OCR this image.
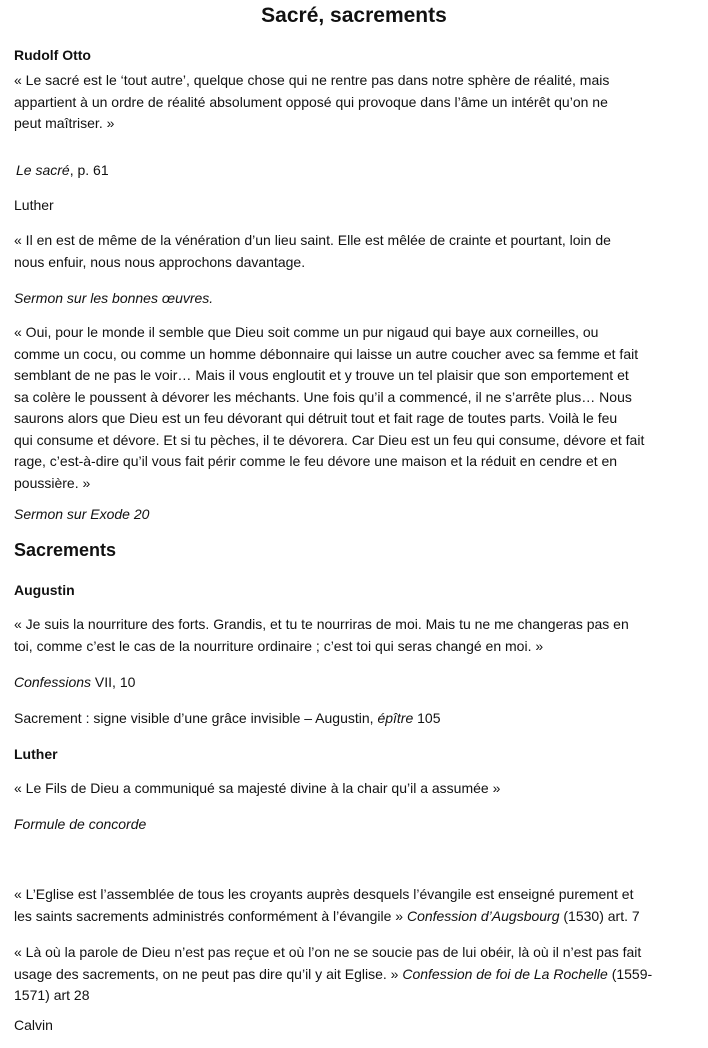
Sacré, sacrements

Rudolf Otto

« Le sacré est le ‘tout autre’, quelque chose qui ne rentre pas dans notre sphère de réalité, mais
appartient à un ordre de réalité absolument opposé qui provoque dans l’âme un intérêt qu’on ne
peut maîtriser. »

Le sacré, p. 61

Luther

« Il en est de même de la vénération d’un lieu saint. Elle est mêlée de crainte et pourtant, loin de
nous enfuir, nous nous approchons davantage.

Sermon sur les bonnes œuvres.

« Oui, pour le monde il semble que Dieu soit comme un pur nigaud qui baye aux corneilles, ou
comme un cocu, ou comme un homme débonnaire qui laisse un autre coucher avec sa femme et fait
semblant de ne pas le voir… Mais il vous engloutit et y trouve un tel plaisir que son emportement et
sa colère le poussent à dévorer les méchants. Une fois qu’il a commencé, il ne s’arrête plus… Nous
saurons alors que Dieu est un feu dévorant qui détruit tout et fait rage de toutes parts. Voilà le feu
qui consume et dévore. Et si tu pèches, il te dévorera. Car Dieu est un feu qui consume, dévore et fait
rage, c’est-à-dire qu’il vous fait périr comme le feu dévore une maison et la réduit en cendre et en
poussière. »

Sermon sur Exode 20

Sacrements

Augustin

« Je suis la nourriture des forts. Grandis, et tu te nourriras de moi. Mais tu ne me changeras pas en
toi, comme c’est le cas de la nourriture ordinaire ; c’est toi qui seras changé en moi. »

Confessions VII, 10

Sacrement : signe visible d’une grâce invisible – Augustin, épître 105

Luther

« Le Fils de Dieu a communiqué sa majesté divine à la chair qu’il a assumée »

Formule de concorde

« L’Eglise est l’assemblée de tous les croyants auprès desquels l’évangile est enseigné purement et
les saints sacrements administrés conformément à l’évangile » Confession d’Augsbourg (1530) art. 7

« Là où la parole de Dieu n’est pas reçue et où l’on ne se soucie pas de lui obéir, là où il n’est pas fait
usage des sacrements, on ne peut pas dire qu’il y ait Eglise. » Confession de foi de La Rochelle (1559-
1571) art 28

Calvin
